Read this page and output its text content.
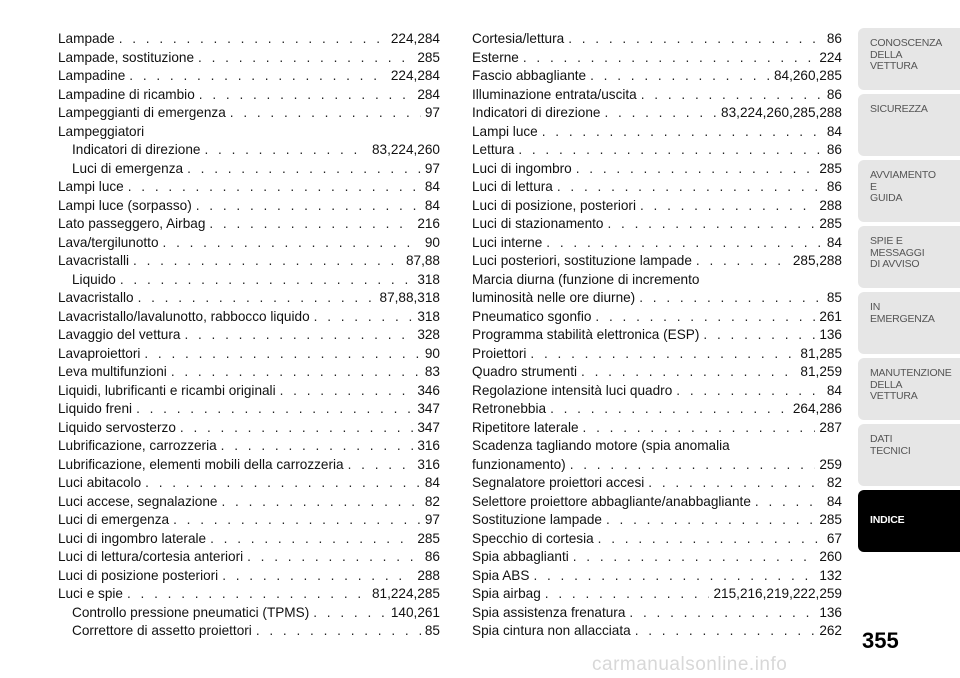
Lampade . . .	224,284
Lampade, sostituzione . . .	285
Lampadine . . .	224,284
Lampadine di ricambio . . .	284
Lampeggianti di emergenza . . .	97
Lampeggiatori
Indicatori di direzione . . .	83,224,260
Luci di emergenza . . .	97
Lampi luce . . .	84
Lampi luce (sorpasso) . . .	84
Lato passeggero, Airbag . . .	216
Lava/tergilunotto . . .	90
Lavacristalli . . .	87,88
Liquido . . .	318
Lavacristallo . . .	87,88,318
Lavacristallo/lavalunotto, rabbocco liquido . . .	318
Lavaggio del vettura . . .	328
Lavaproiettori . . .	90
Leva multifunzioni . . .	83
Liquidi, lubrificanti e ricambi originali . . .	346
Liquido freni . . .	347
Liquido servosterzo . . .	347
Lubrificazione, carrozzeria . . .	316
Lubrificazione, elementi mobili della carrozzeria . . .	316
Luci abitacolo . . .	84
Luci accese, segnalazione . . .	82
Luci di emergenza . . .	97
Luci di ingombro laterale . . .	285
Luci di lettura/cortesia anteriori . . .	86
Luci di posizione posteriori . . .	288
Luci e spie . . .	81,224,285
Controllo pressione pneumatici (TPMS) . . .	140,261
Correttore di assetto proiettori . . .	85
Cortesia/lettura . . .	86
Esterne . . .	224
Fascio abbagliante . . .	84,260,285
Illuminazione entrata/uscita . . .	86
Indicatori di direzione . . .	83,224,260,285,288
Lampi luce . . .	84
Lettura . . .	86
Luci di ingombro . . .	285
Luci di lettura . . .	86
Luci di posizione, posteriori . . .	288
Luci di stazionamento . . .	285
Luci interne . . .	84
Luci posteriori, sostituzione lampade . . .	285,288
Marcia diurna (funzione di incremento
luminosità nelle ore diurne) . . .	85
Pneumatico sgonfio . . .	261
Programma stabilità elettronica (ESP) . . .	136
Proiettori . . .	81,285
Quadro strumenti . . .	81,259
Regolazione intensità luci quadro . . .	84
Retronebbia . . .	264,286
Ripetitore laterale . . .	287
Scadenza tagliando motore (spia anomalia
funzionamento) . . .	259
Segnalatore proiettori accesi . . .	82
Selettore proiettore abbagliante/anabbagliante . . .	84
Sostituzione lampade . . .	285
Specchio di cortesia . . .	67
Spia abbaglianti . . .	260
Spia ABS . . .	132
Spia airbag . . .	215,216,219,222,259
Spia assistenza frenatura . . .	136
Spia cintura non allacciata . . .	262
CONOSCENZA
DELLA
VETTURA
SICUREZZA
AVVIAMENTO
E
GUIDA
SPIE E
MESSAGGI
DI AVVISO
IN
EMERGENZA
MANUTENZIONE
DELLA
VETTURA
DATI
TECNICI
INDICE
355
carmanualsonline.info
